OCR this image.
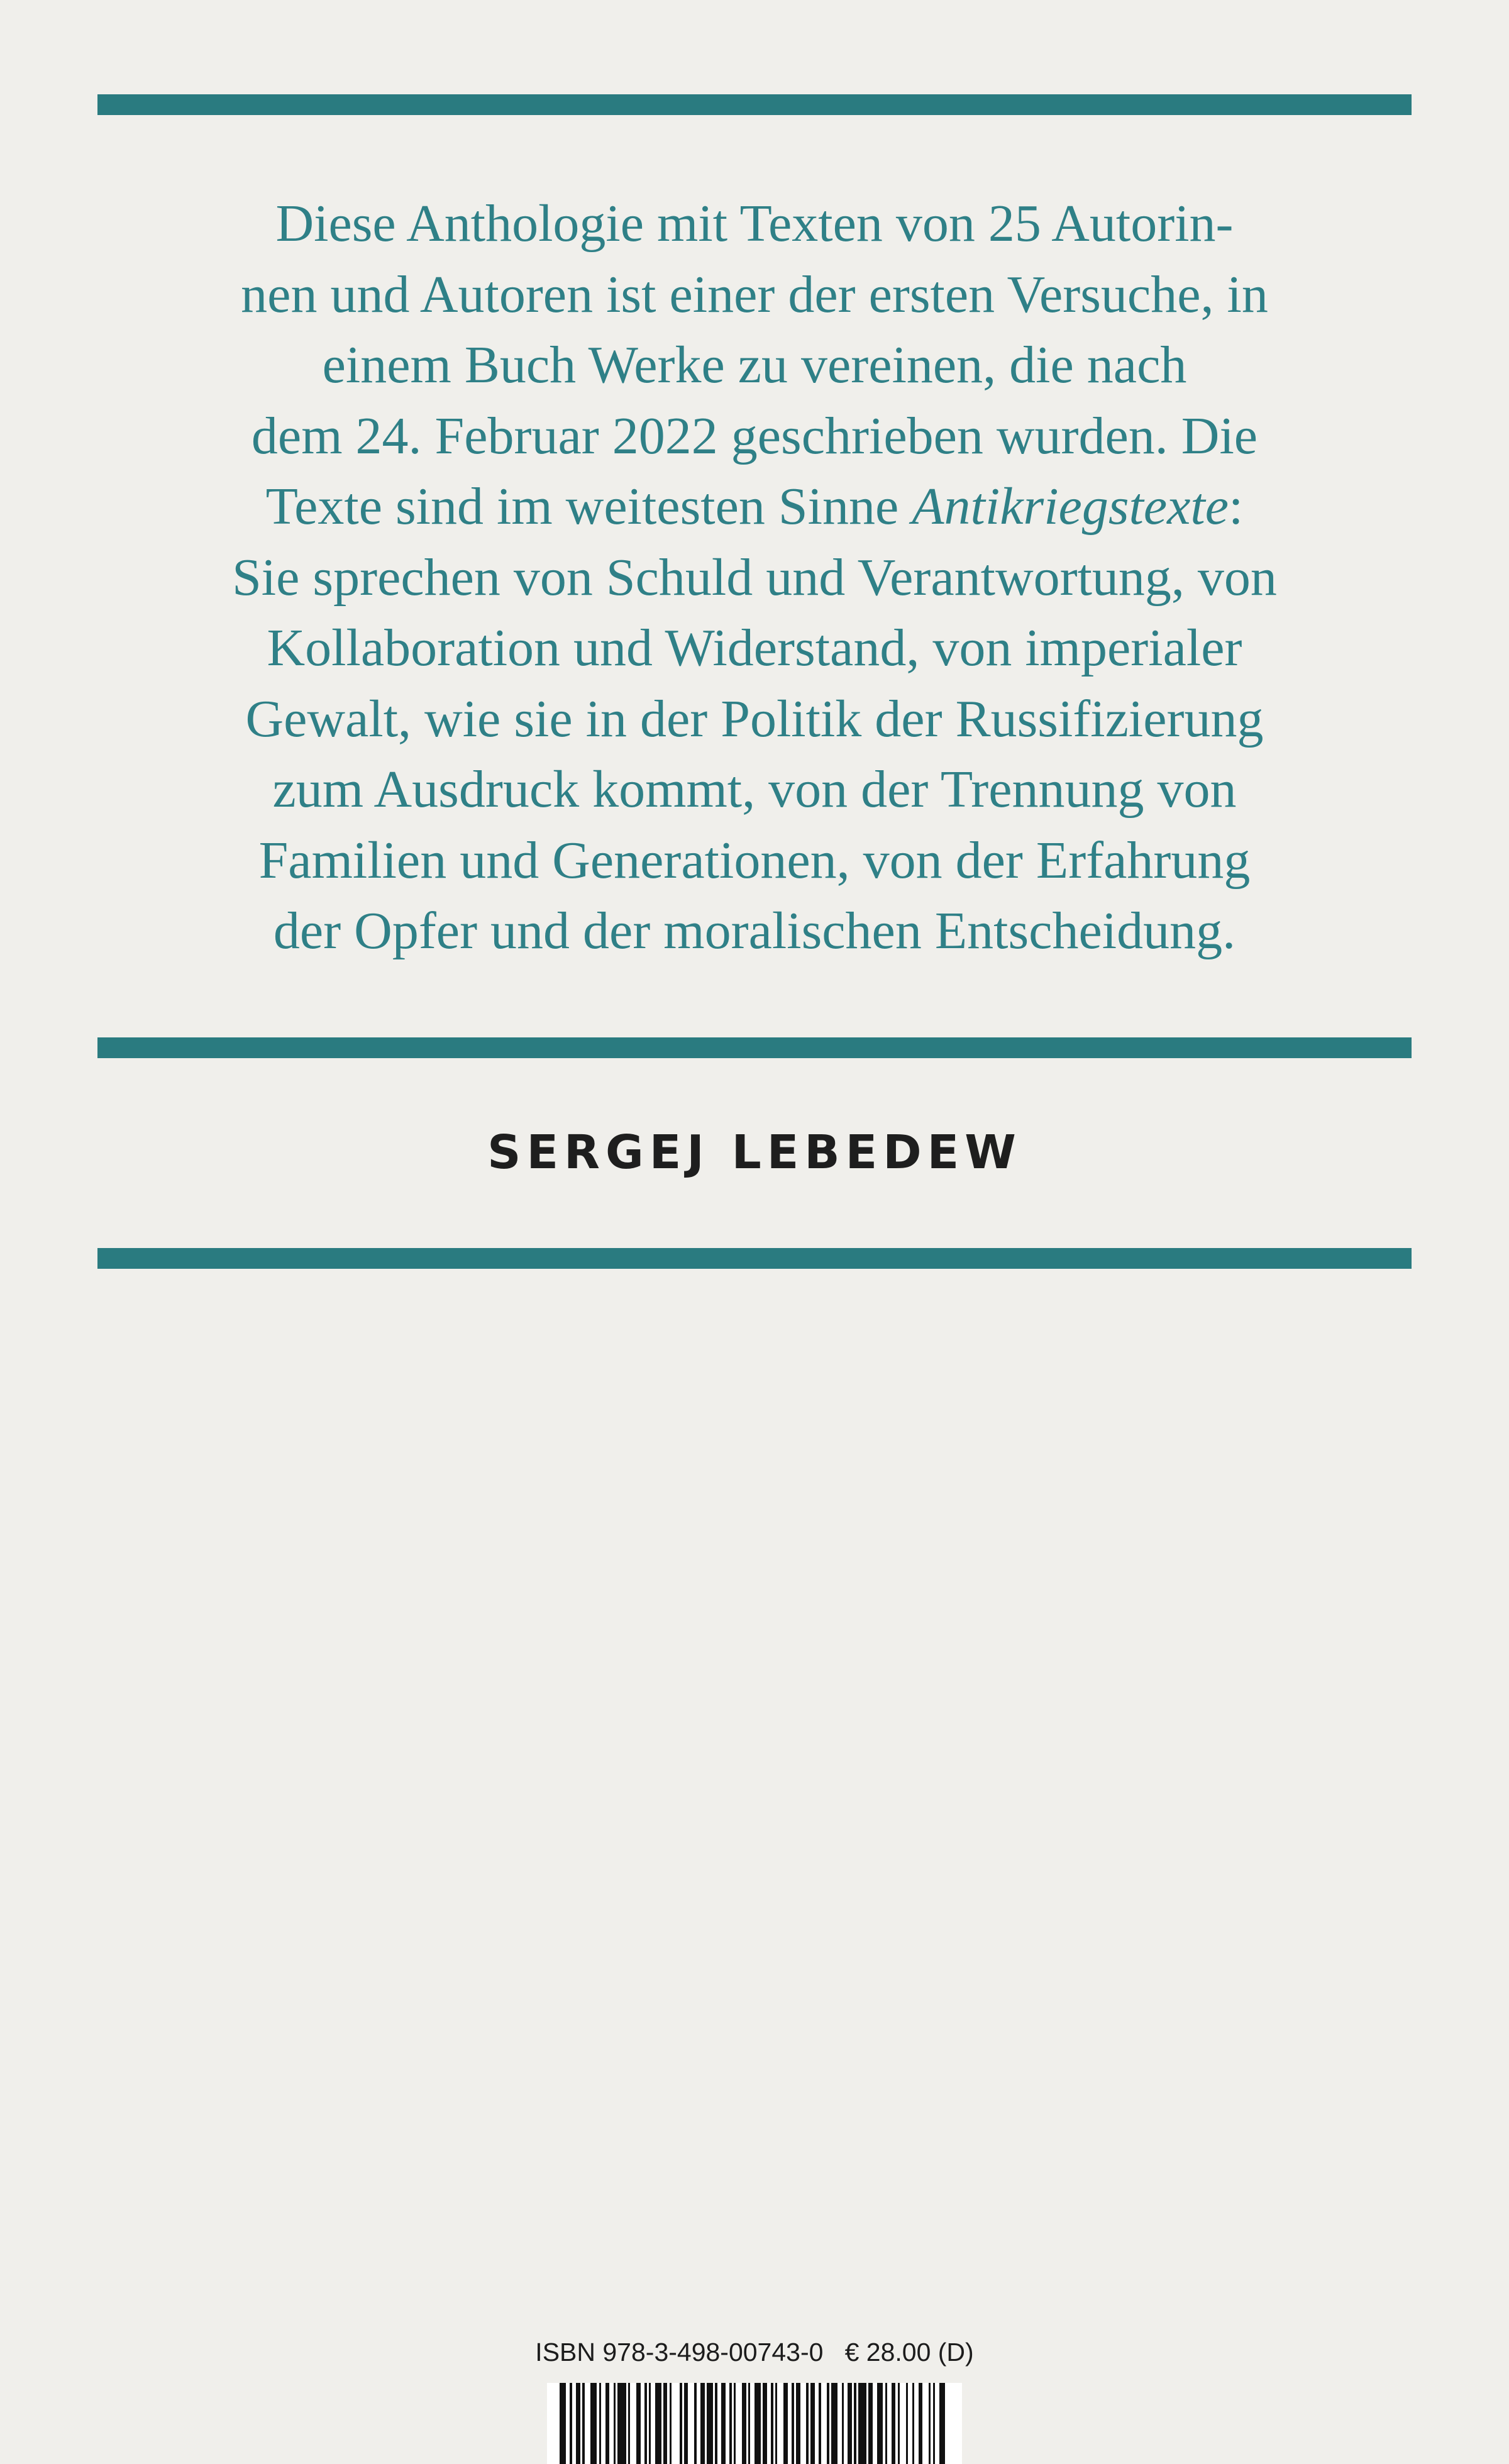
Diese Anthologie mit Texten von 25 Autorin-
nen und Autoren ist einer der ersten Versuche, in
einem Buch Werke zu vereinen, die nach
dem 24. Februar 2022 geschrieben wurden. Die
Texte sind im weitesten Sinne Antikriegstexte:
Sie sprechen von Schuld und Verantwortung, von
Kollaboration und Widerstand, von imperialer
Gewalt, wie sie in der Politik der Russifizierung
zum Ausdruck kommt, von der Trennung von
Familien und Generationen, von der Erfahrung
der Opfer und der moralischen Entscheidung.

SERGEJ LEBEDEW
ISBN 978-3-498-00743-0   € 28.00 (D)
